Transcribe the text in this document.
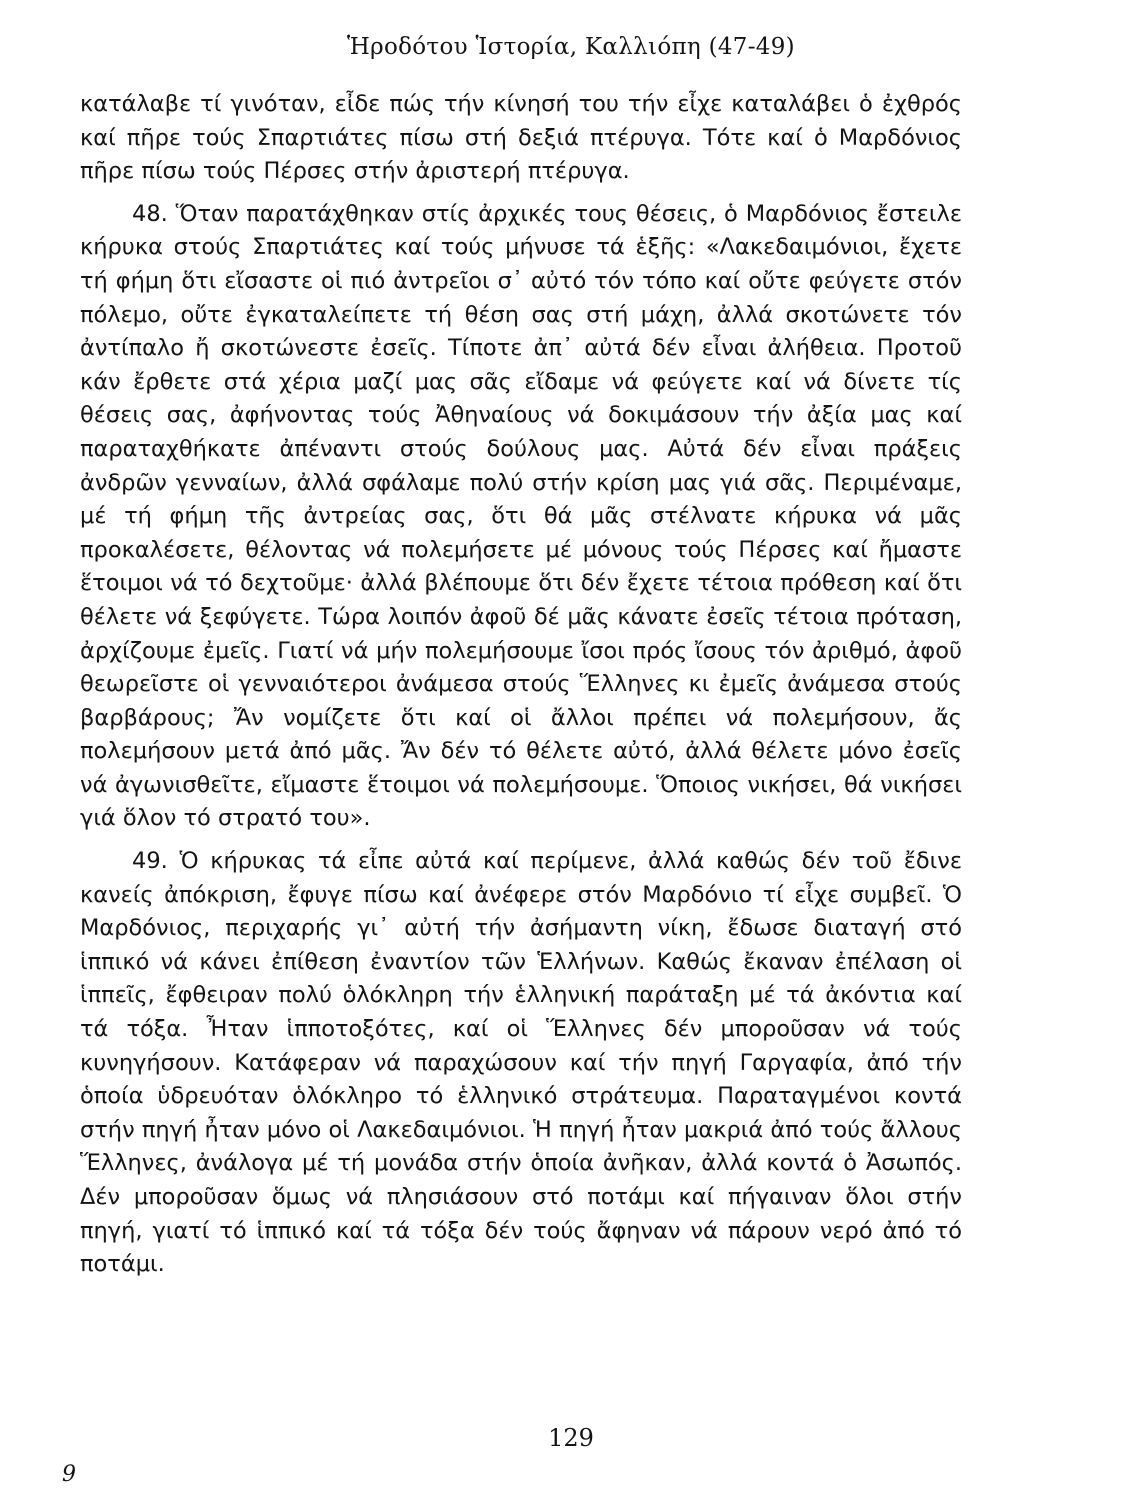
Ἡροδότου Ἱστορία, Καλλιόπη (47-49)

κατάλαβε τί γινόταν, εἶδε πώς τήν κίνησή του τήν εἶχε καταλάβει ὁ ἐχθρός καί πῆρε τούς Σπαρτιάτες πίσω στή δεξιά πτέρυγα. Τότε καί ὁ Μαρδόνιος πῆρε πίσω τούς Πέρσες στήν ἀριστερή πτέρυγα.

48. Ὅταν παρατάχθηκαν στίς ἀρχικές τους θέσεις, ὁ Μαρδόνιος ἔστειλε κήρυκα στούς Σπαρτιάτες καί τούς μήνυσε τά ἑξῆς: «Λακεδαιμόνιοι, ἔχετε τή φήμη ὅτι εἴσαστε οἱ πιό ἀντρεῖοι σ᾽ αὐτό τόν τόπο καί οὔτε φεύγετε στόν πόλεμο, οὔτε ἐγκαταλείπετε τή θέση σας στή μάχη, ἀλλά σκοτώνετε τόν ἀντίπαλο ἤ σκοτώνεστε ἐσεῖς. Τίποτε ἀπ᾽ αὐτά δέν εἶναι ἀλήθεια. Προτοῦ κάν ἔρθετε στά χέρια μαζί μας σᾶς εἴδαμε νά φεύγετε καί νά δίνετε τίς θέσεις σας, ἀφήνοντας τούς Ἀθηναίους νά δοκιμάσουν τήν ἀξία μας καί παραταχθήκατε ἀπέναντι στούς δούλους μας. Αὐτά δέν εἶναι πράξεις ἀνδρῶν γενναίων, ἀλλά σφάλαμε πολύ στήν κρίση μας γιά σᾶς. Περιμέναμε, μέ τή φήμη τῆς ἀντρείας σας, ὅτι θά μᾶς στέλνατε κήρυκα νά μᾶς προκαλέσετε, θέλοντας νά πολεμήσετε μέ μόνους τούς Πέρσες καί ἤμαστε ἕτοιμοι νά τό δεχτοῦμε· ἀλλά βλέπουμε ὅτι δέν ἔχετε τέτοια πρόθεση καί ὅτι θέλετε νά ξεφύγετε. Τώρα λοιπόν ἀφοῦ δέ μᾶς κάνατε ἐσεῖς τέτοια πρόταση, ἀρχίζουμε ἐμεῖς. Γιατί νά μήν πολεμήσουμε ἴσοι πρός ἴσους τόν ἀριθμό, ἀφοῦ θεωρεῖστε οἱ γενναιότεροι ἀνάμεσα στούς Ἕλληνες κι ἐμεῖς ἀνάμεσα στούς βαρβάρους; Ἄν νομίζετε ὅτι καί οἱ ἄλλοι πρέπει νά πολεμήσουν, ἄς πολεμήσουν μετά ἀπό μᾶς. Ἄν δέν τό θέλετε αὐτό, ἀλλά θέλετε μόνο ἐσεῖς νά ἀγωνισθεῖτε, εἴμαστε ἕτοιμοι νά πολεμήσουμε. Ὅποιος νικήσει, θά νικήσει γιά ὅλον τό στρατό του».

49. Ὁ κήρυκας τά εἶπε αὐτά καί περίμενε, ἀλλά καθώς δέν τοῦ ἔδινε κανείς ἀπόκριση, ἔφυγε πίσω καί ἀνέφερε στόν Μαρδόνιο τί εἶχε συμβεῖ. Ὁ Μαρδόνιος, περιχαρής γι᾽ αὐτή τήν ἀσήμαντη νίκη, ἔδωσε διαταγή στό ἱππικό νά κάνει ἐπίθεση ἐναντίον τῶν Ἑλλήνων. Καθώς ἔκαναν ἐπέλαση οἱ ἱππεῖς, ἔφθειραν πολύ ὁλόκληρη τήν ἑλληνική παράταξη μέ τά ἀκόντια καί τά τόξα. Ἦταν ἱπποτοξότες, καί οἱ Ἕλληνες δέν μποροῦσαν νά τούς κυνηγήσουν. Κατάφεραν νά παραχώσουν καί τήν πηγή Γαργαφία, ἀπό τήν ὁποία ὑδρευόταν ὁλόκληρο τό ἑλληνικό στράτευμα. Παραταγμένοι κοντά στήν πηγή ἦταν μόνο οἱ Λακεδαιμόνιοι. Ἡ πηγή ἦταν μακριά ἀπό τούς ἄλλους Ἕλληνες, ἀνάλογα μέ τή μονάδα στήν ὁποία ἀνῆκαν, ἀλλά κοντά ὁ Ἀσωπός. Δέν μποροῦσαν ὅμως νά πλησιάσουν στό ποτάμι καί πήγαιναν ὅλοι στήν πηγή, γιατί τό ἱππικό καί τά τόξα δέν τούς ἄφηναν νά πάρουν νερό ἀπό τό ποτάμι.

129
9
